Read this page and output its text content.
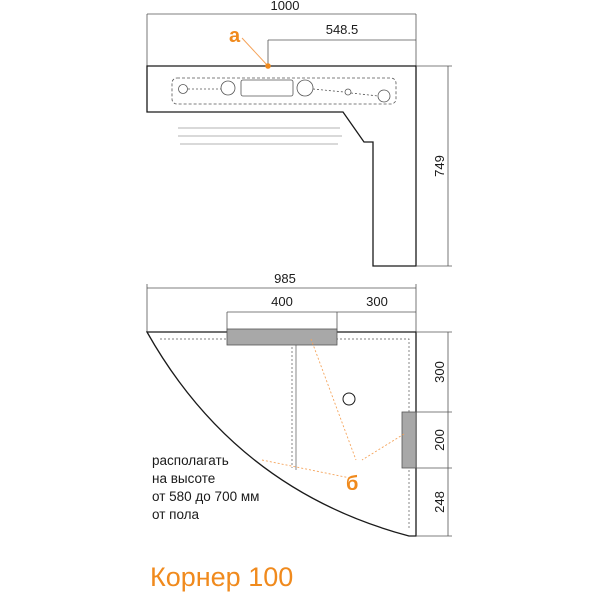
1000
548.5
а
749
985
400	300
б
300
200
248
располагать
на высоте
от 580 до 700 мм
от пола
Корнер 100
